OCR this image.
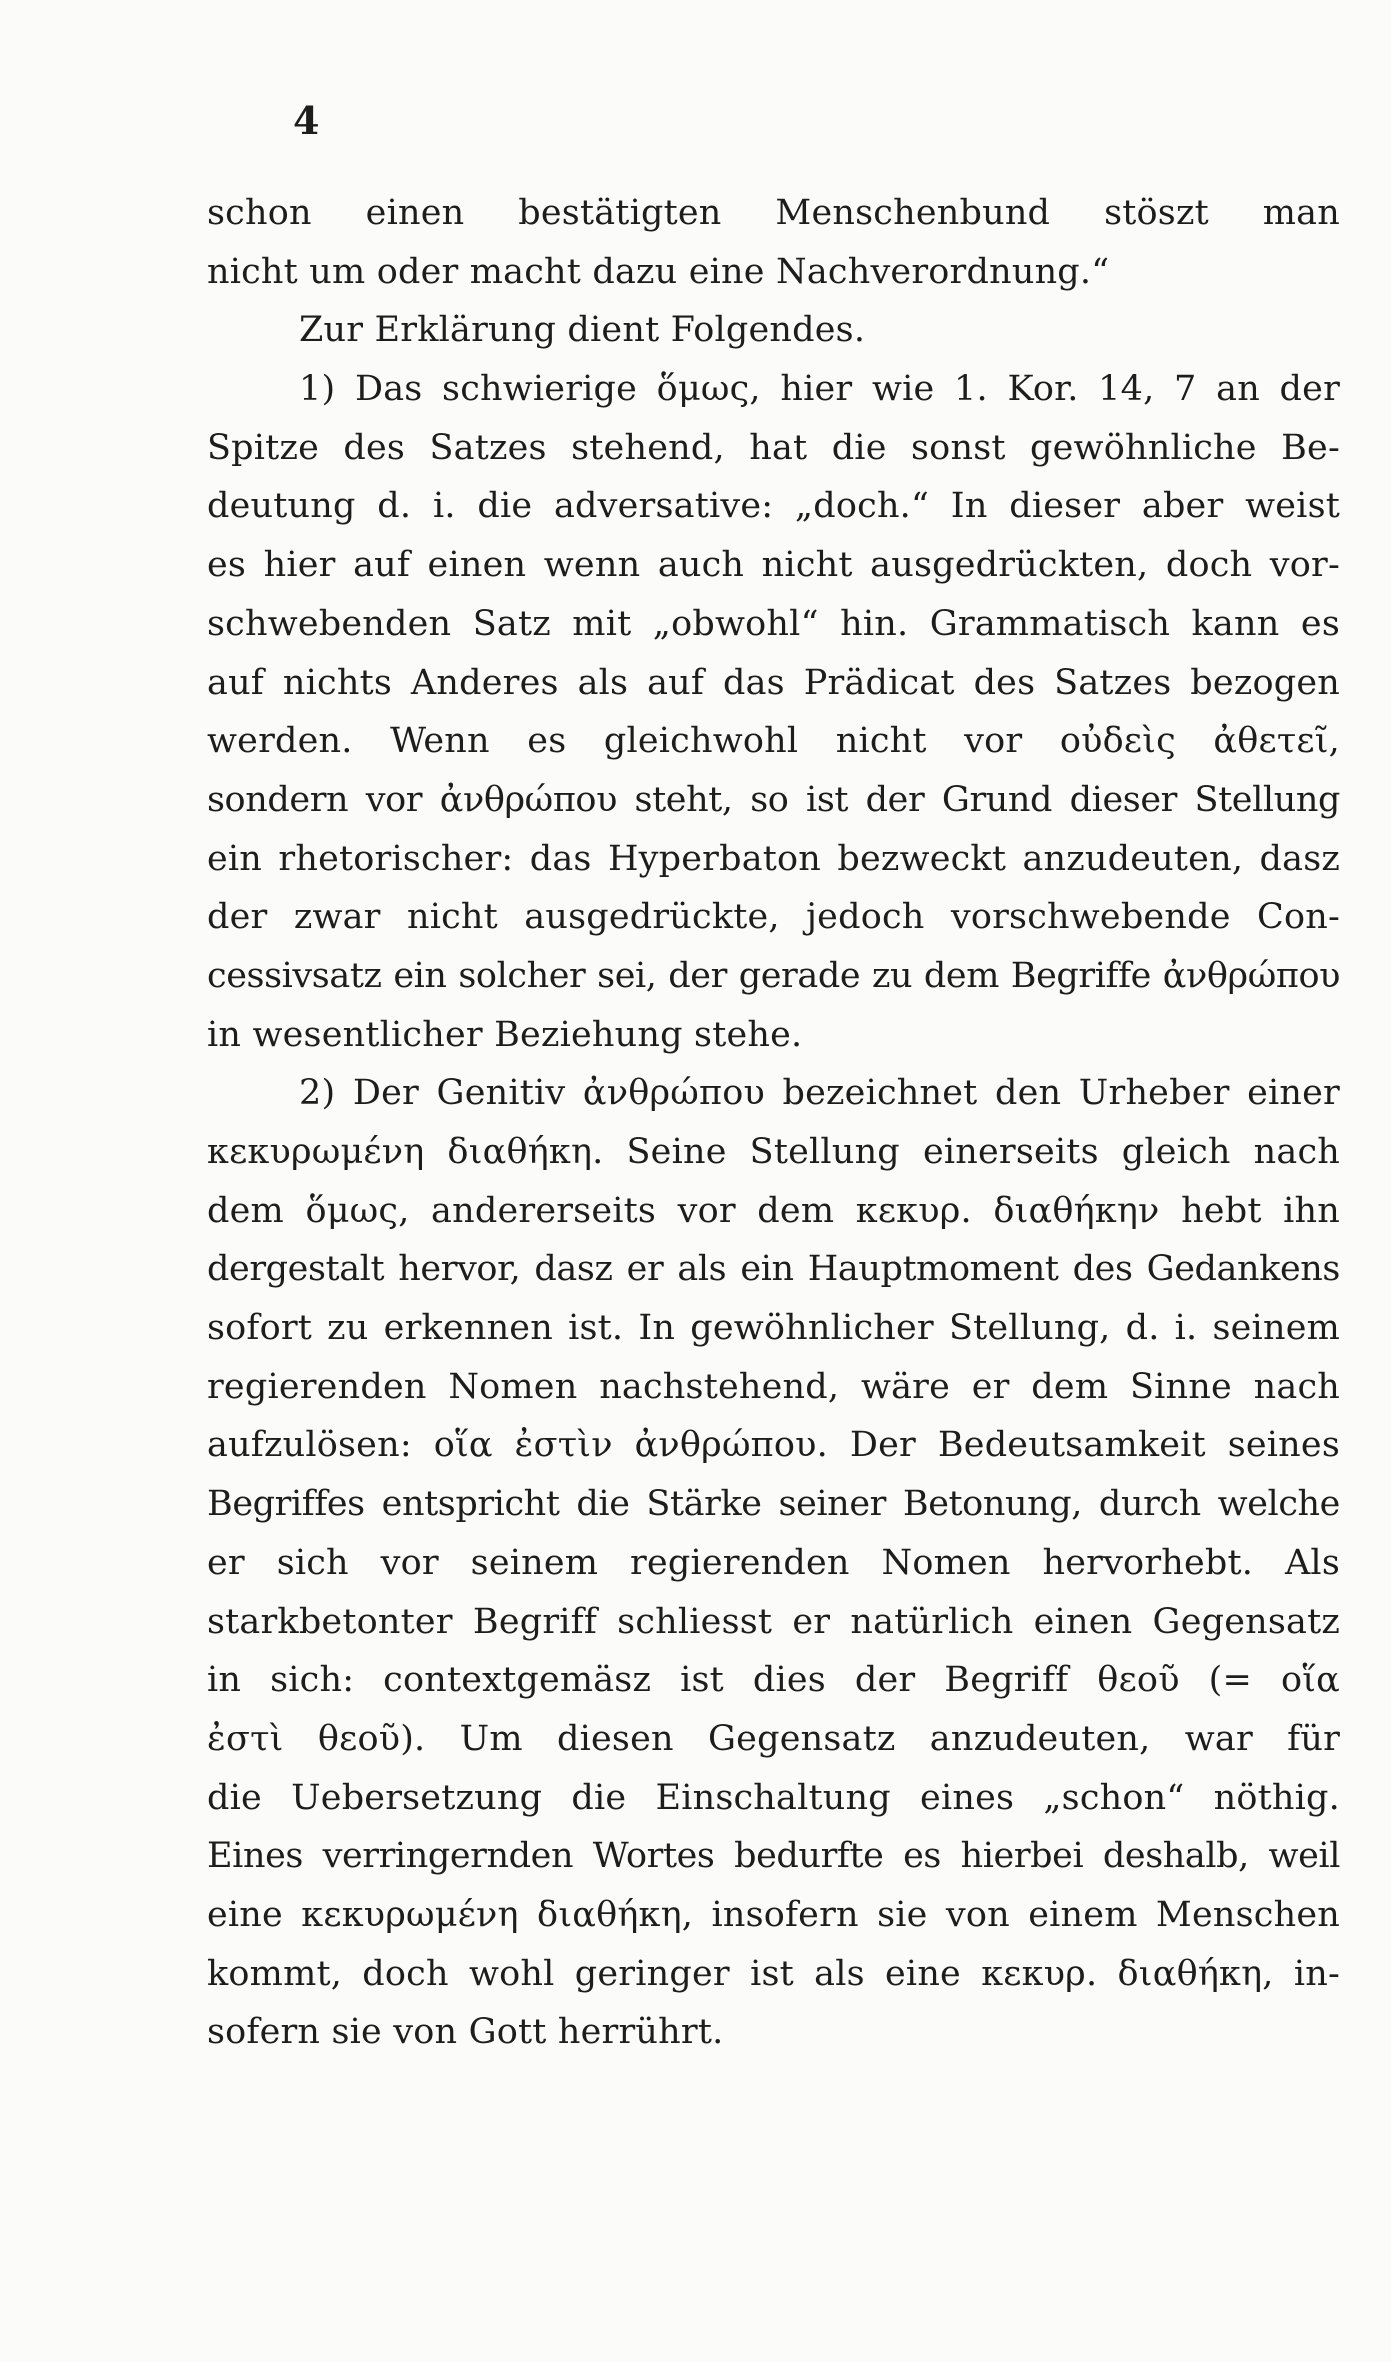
4
schon einen bestätigten Menschenbund stöszt man
nicht um oder macht dazu eine Nachverordnung.“
Zur Erklärung dient Folgendes.
1) Das schwierige ὅμως, hier wie 1. Kor. 14, 7 an der
Spitze des Satzes stehend, hat die sonst gewöhnliche Be-
deutung d. i. die adversative: „doch.“ In dieser aber weist
es hier auf einen wenn auch nicht ausgedrückten, doch vor-
schwebenden Satz mit „obwohl“ hin. Grammatisch kann es
auf nichts Anderes als auf das Prädicat des Satzes bezogen
werden. Wenn es gleichwohl nicht vor οὐδεὶς ἀθετεῖ,
sondern vor ἀνθρώπου steht, so ist der Grund dieser Stellung
ein rhetorischer: das Hyperbaton bezweckt anzudeuten, dasz
der zwar nicht ausgedrückte, jedoch vorschwebende Con-
cessivsatz ein solcher sei, der gerade zu dem Begriffe ἀνθρώπου
in wesentlicher Beziehung stehe.
2) Der Genitiv ἀνθρώπου bezeichnet den Urheber einer
κεκυρωμένη διαθήκη. Seine Stellung einerseits gleich nach
dem ὅμως, andererseits vor dem κεκυρ. διαθήκην hebt ihn
dergestalt hervor, dasz er als ein Hauptmoment des Gedankens
sofort zu erkennen ist. In gewöhnlicher Stellung, d. i. seinem
regierenden Nomen nachstehend, wäre er dem Sinne nach
aufzulösen: οἵα ἐστὶν ἀνθρώπου. Der Bedeutsamkeit seines
Begriffes entspricht die Stärke seiner Betonung, durch welche
er sich vor seinem regierenden Nomen hervorhebt. Als
starkbetonter Begriff schliesst er natürlich einen Gegensatz
in sich: contextgemäsz ist dies der Begriff θεοῦ (= οἵα
ἐστὶ θεοῦ). Um diesen Gegensatz anzudeuten, war für
die Uebersetzung die Einschaltung eines „schon“ nöthig.
Eines verringernden Wortes bedurfte es hierbei deshalb, weil
eine κεκυρωμένη διαθήκη, insofern sie von einem Menschen
kommt, doch wohl geringer ist als eine κεκυρ. διαθήκη, in-
sofern sie von Gott herrührt.
